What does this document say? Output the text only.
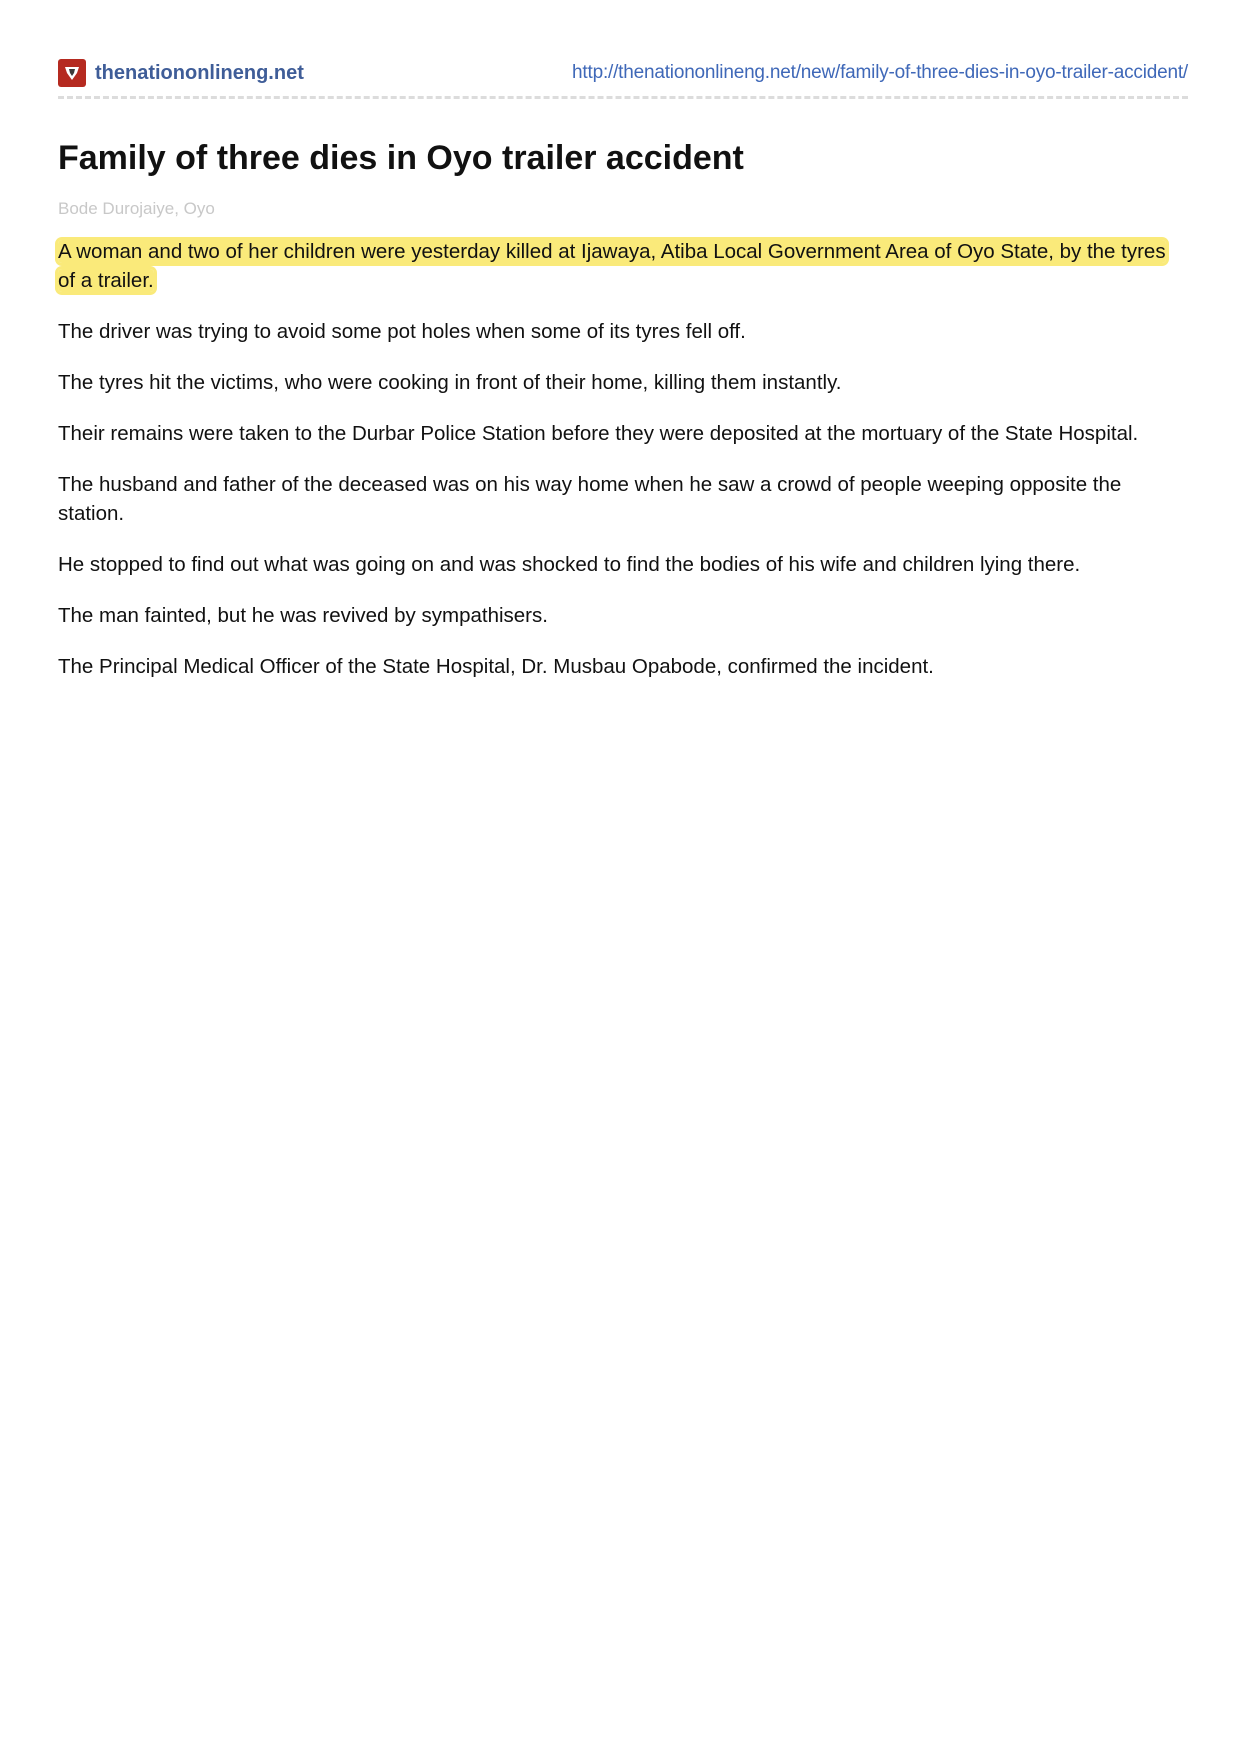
thenationonlineng.net	http://thenationonlineng.net/new/family-of-three-dies-in-oyo-trailer-accident/
Family of three dies in Oyo trailer accident
Bode Durojaiye, Oyo

A woman and two of her children were yesterday killed at Ijawaya, Atiba Local Government Area of Oyo State, by the tyres of a trailer.

The driver was trying to avoid some pot holes when some of its tyres fell off.

The tyres hit the victims, who were cooking in front of their home, killing them instantly.

Their remains were taken to the Durbar Police Station before they were deposited at the mortuary of the State Hospital.

The husband and father of the deceased was on his way home when he saw a crowd of people weeping opposite the station.

He stopped to find out what was going on and was shocked to find the bodies of his wife and children lying there.

The man fainted, but he was revived by sympathisers.

The Principal Medical Officer of the State Hospital, Dr. Musbau Opabode, confirmed the incident.
